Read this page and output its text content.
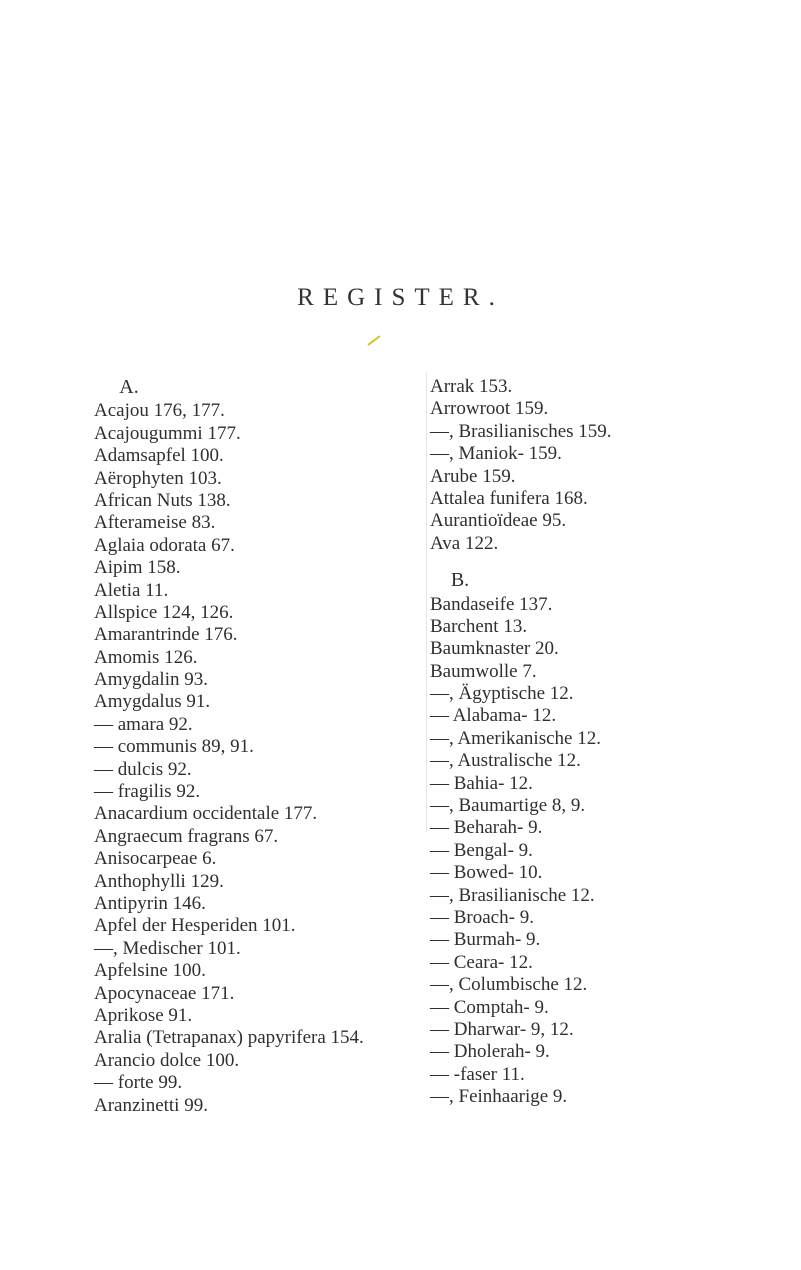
REGISTER.
A.
Acajou 176, 177.
Acajougummi 177.
Adamsapfel 100.
Aërophyten 103.
African Nuts 138.
Afterameise 83.
Aglaia odorata 67.
Aipim 158.
Aletia 11.
Allspice 124, 126.
Amarantrinde 176.
Amomis 126.
Amygdalin 93.
Amygdalus 91.
— amara 92.
— communis 89, 91.
— dulcis 92.
— fragilis 92.
Anacardium occidentale 177.
Angraecum fragrans 67.
Anisocarpeae 6.
Anthophylli 129.
Antipyrin 146.
Apfel der Hesperiden 101.
—, Medischer 101.
Apfelsine 100.
Apocynaceae 171.
Aprikose 91.
Aralia (Tetrapanax) papyrifera 154.
Arancio dolce 100.
— forte 99.
Aranzinetti 99.
Arrak 153.
Arrowroot 159.
—, Brasilianisches 159.
—, Maniok- 159.
Arube 159.
Attalea funifera 168.
Aurantioïdeae 95.
Ava 122.
B.
Bandaseife 137.
Barchent 13.
Baumknaster 20.
Baumwolle 7.
—, Ägyptische 12.
— Alabama- 12.
—, Amerikanische 12.
—, Australische 12.
— Bahia- 12.
—, Baumartige 8, 9.
— Beharah- 9.
— Bengal- 9.
— Bowed- 10.
—, Brasilianische 12.
— Broach- 9.
— Burmah- 9.
— Ceara- 12.
—, Columbische 12.
— Comptah- 9.
— Dharwar- 9, 12.
— Dholerah- 9.
— -faser 11.
—, Feinhaarige 9.
